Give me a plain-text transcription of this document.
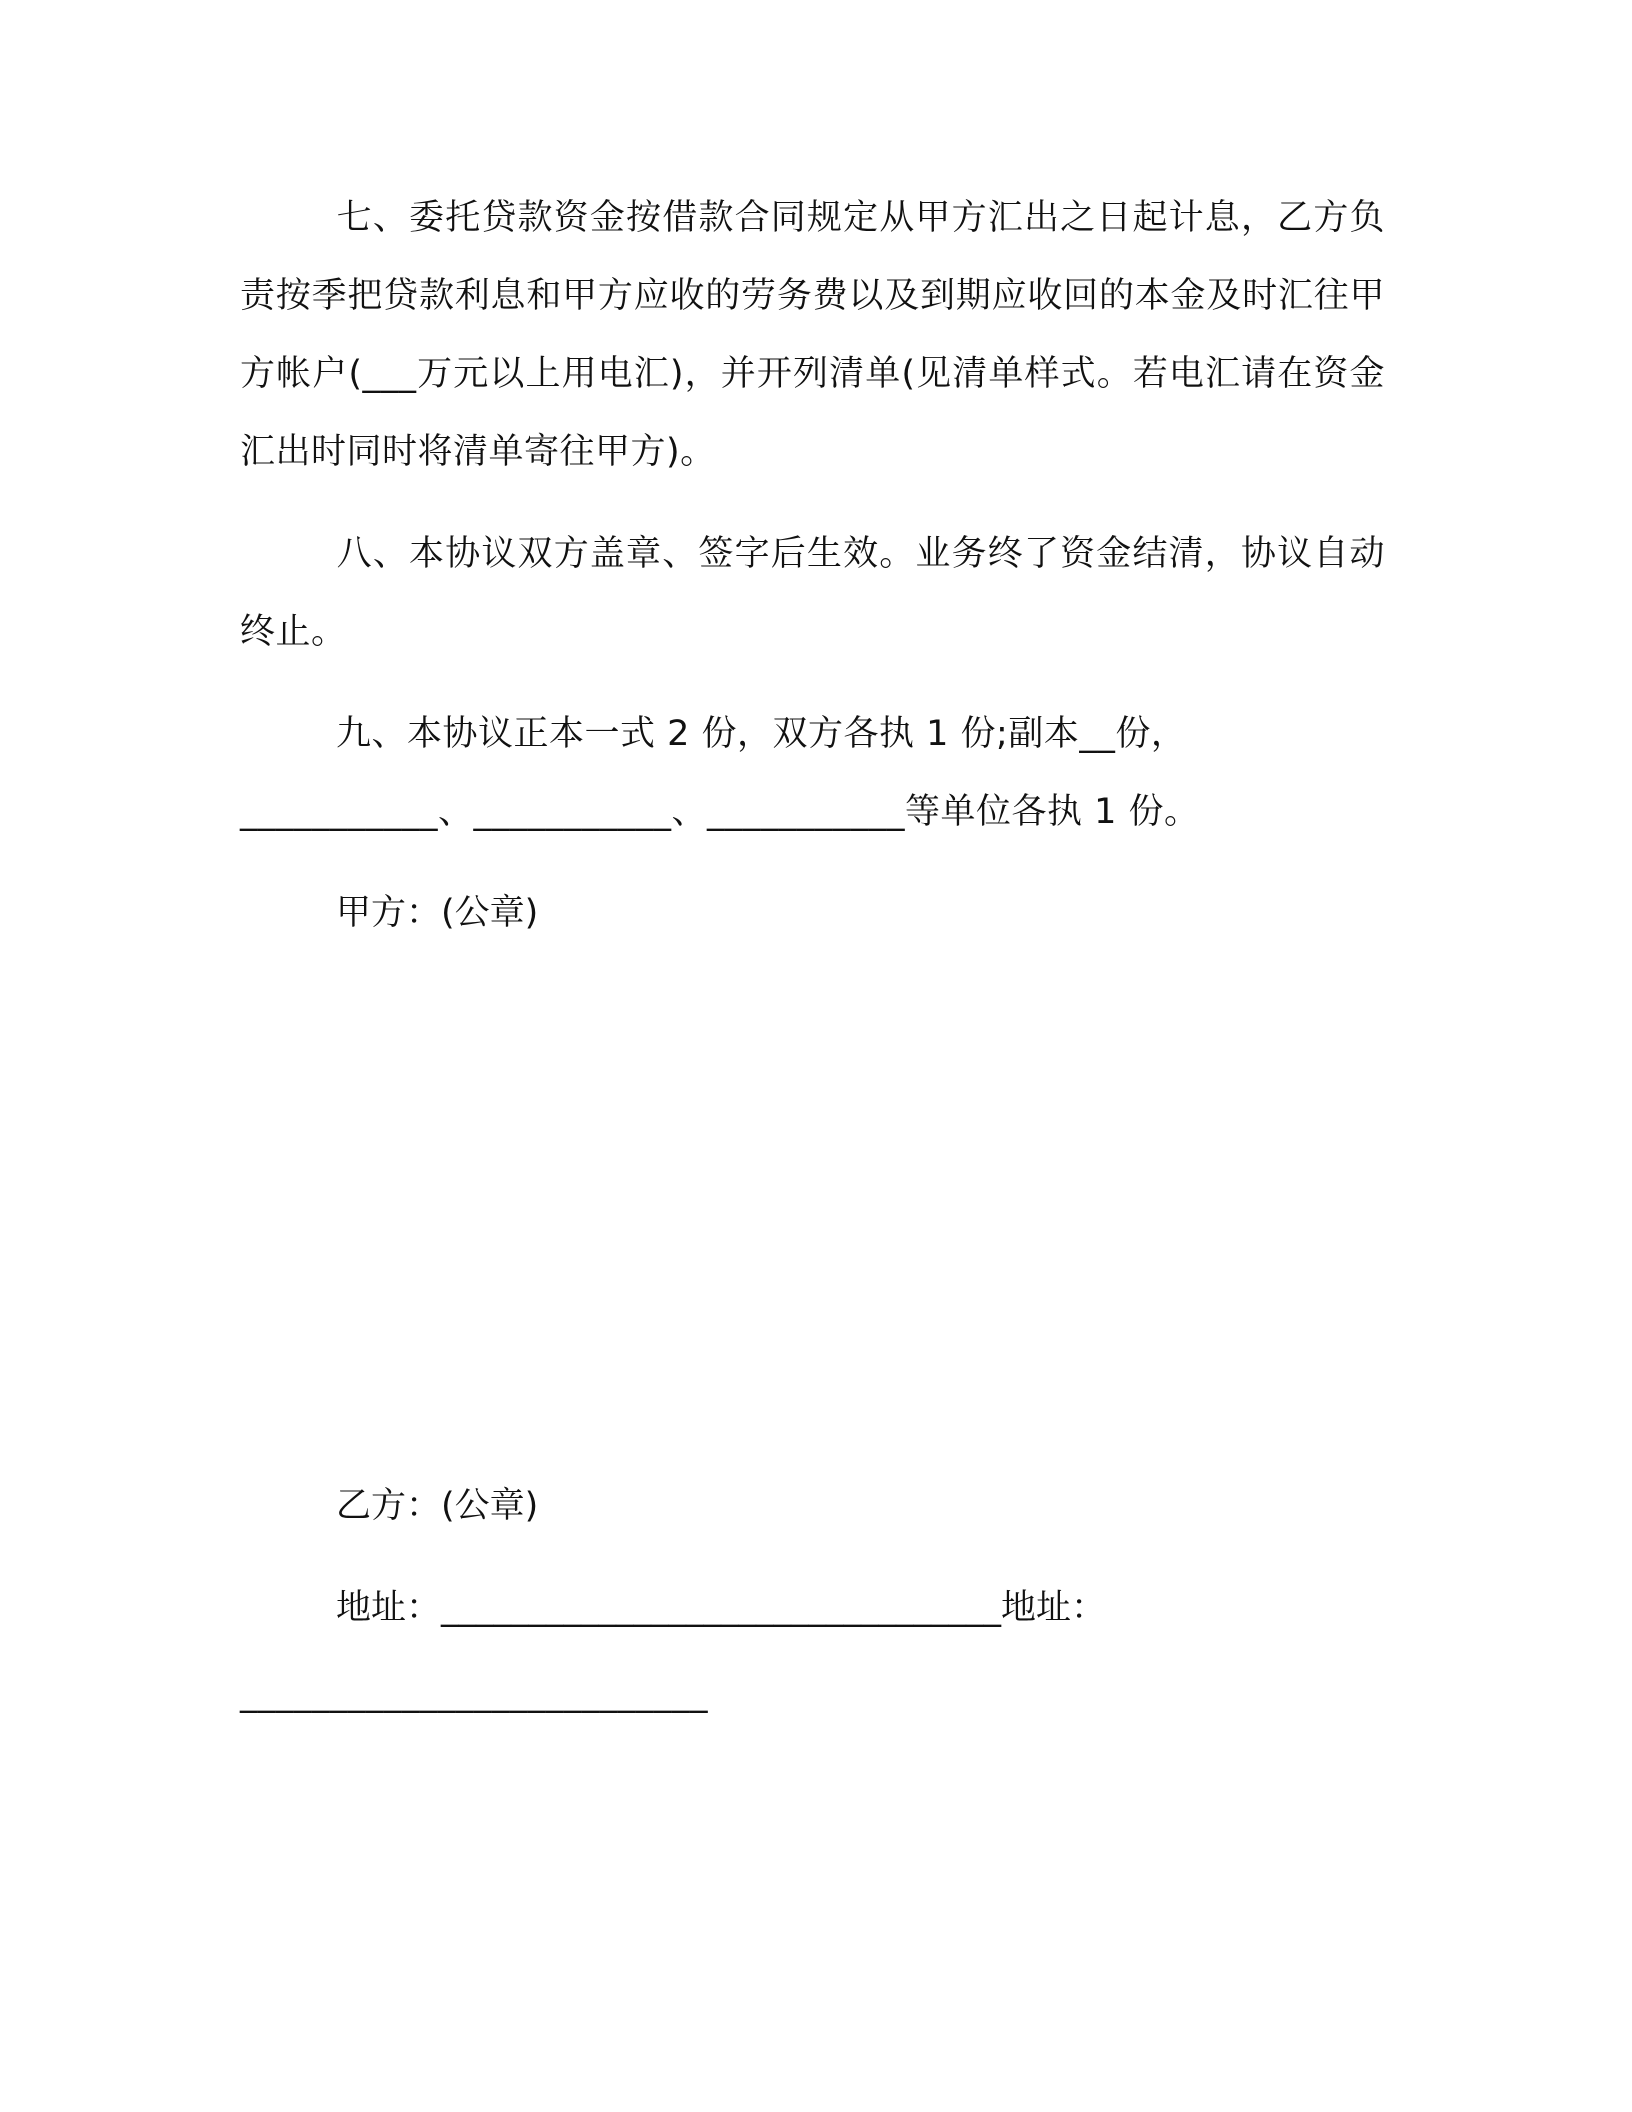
七、委托贷款资金按借款合同规定从甲方汇出之日起计息，乙方负责按季把贷款利息和甲方应收的劳务费以及到期应收回的本金及时汇往甲方帐户(___万元以上用电汇)，并开列清单(见清单样式。若电汇请在资金汇出时同时将清单寄往甲方)。

八、本协议双方盖章、签字后生效。业务终了资金结清，协议自动终止。

九、本协议正本一式 2 份，双方各执 1 份;副本__份，
___________、___________、___________等单位各执 1 份。
甲方：(公章)
乙方：(公章)
地址：________________________________地址：
__________________________
